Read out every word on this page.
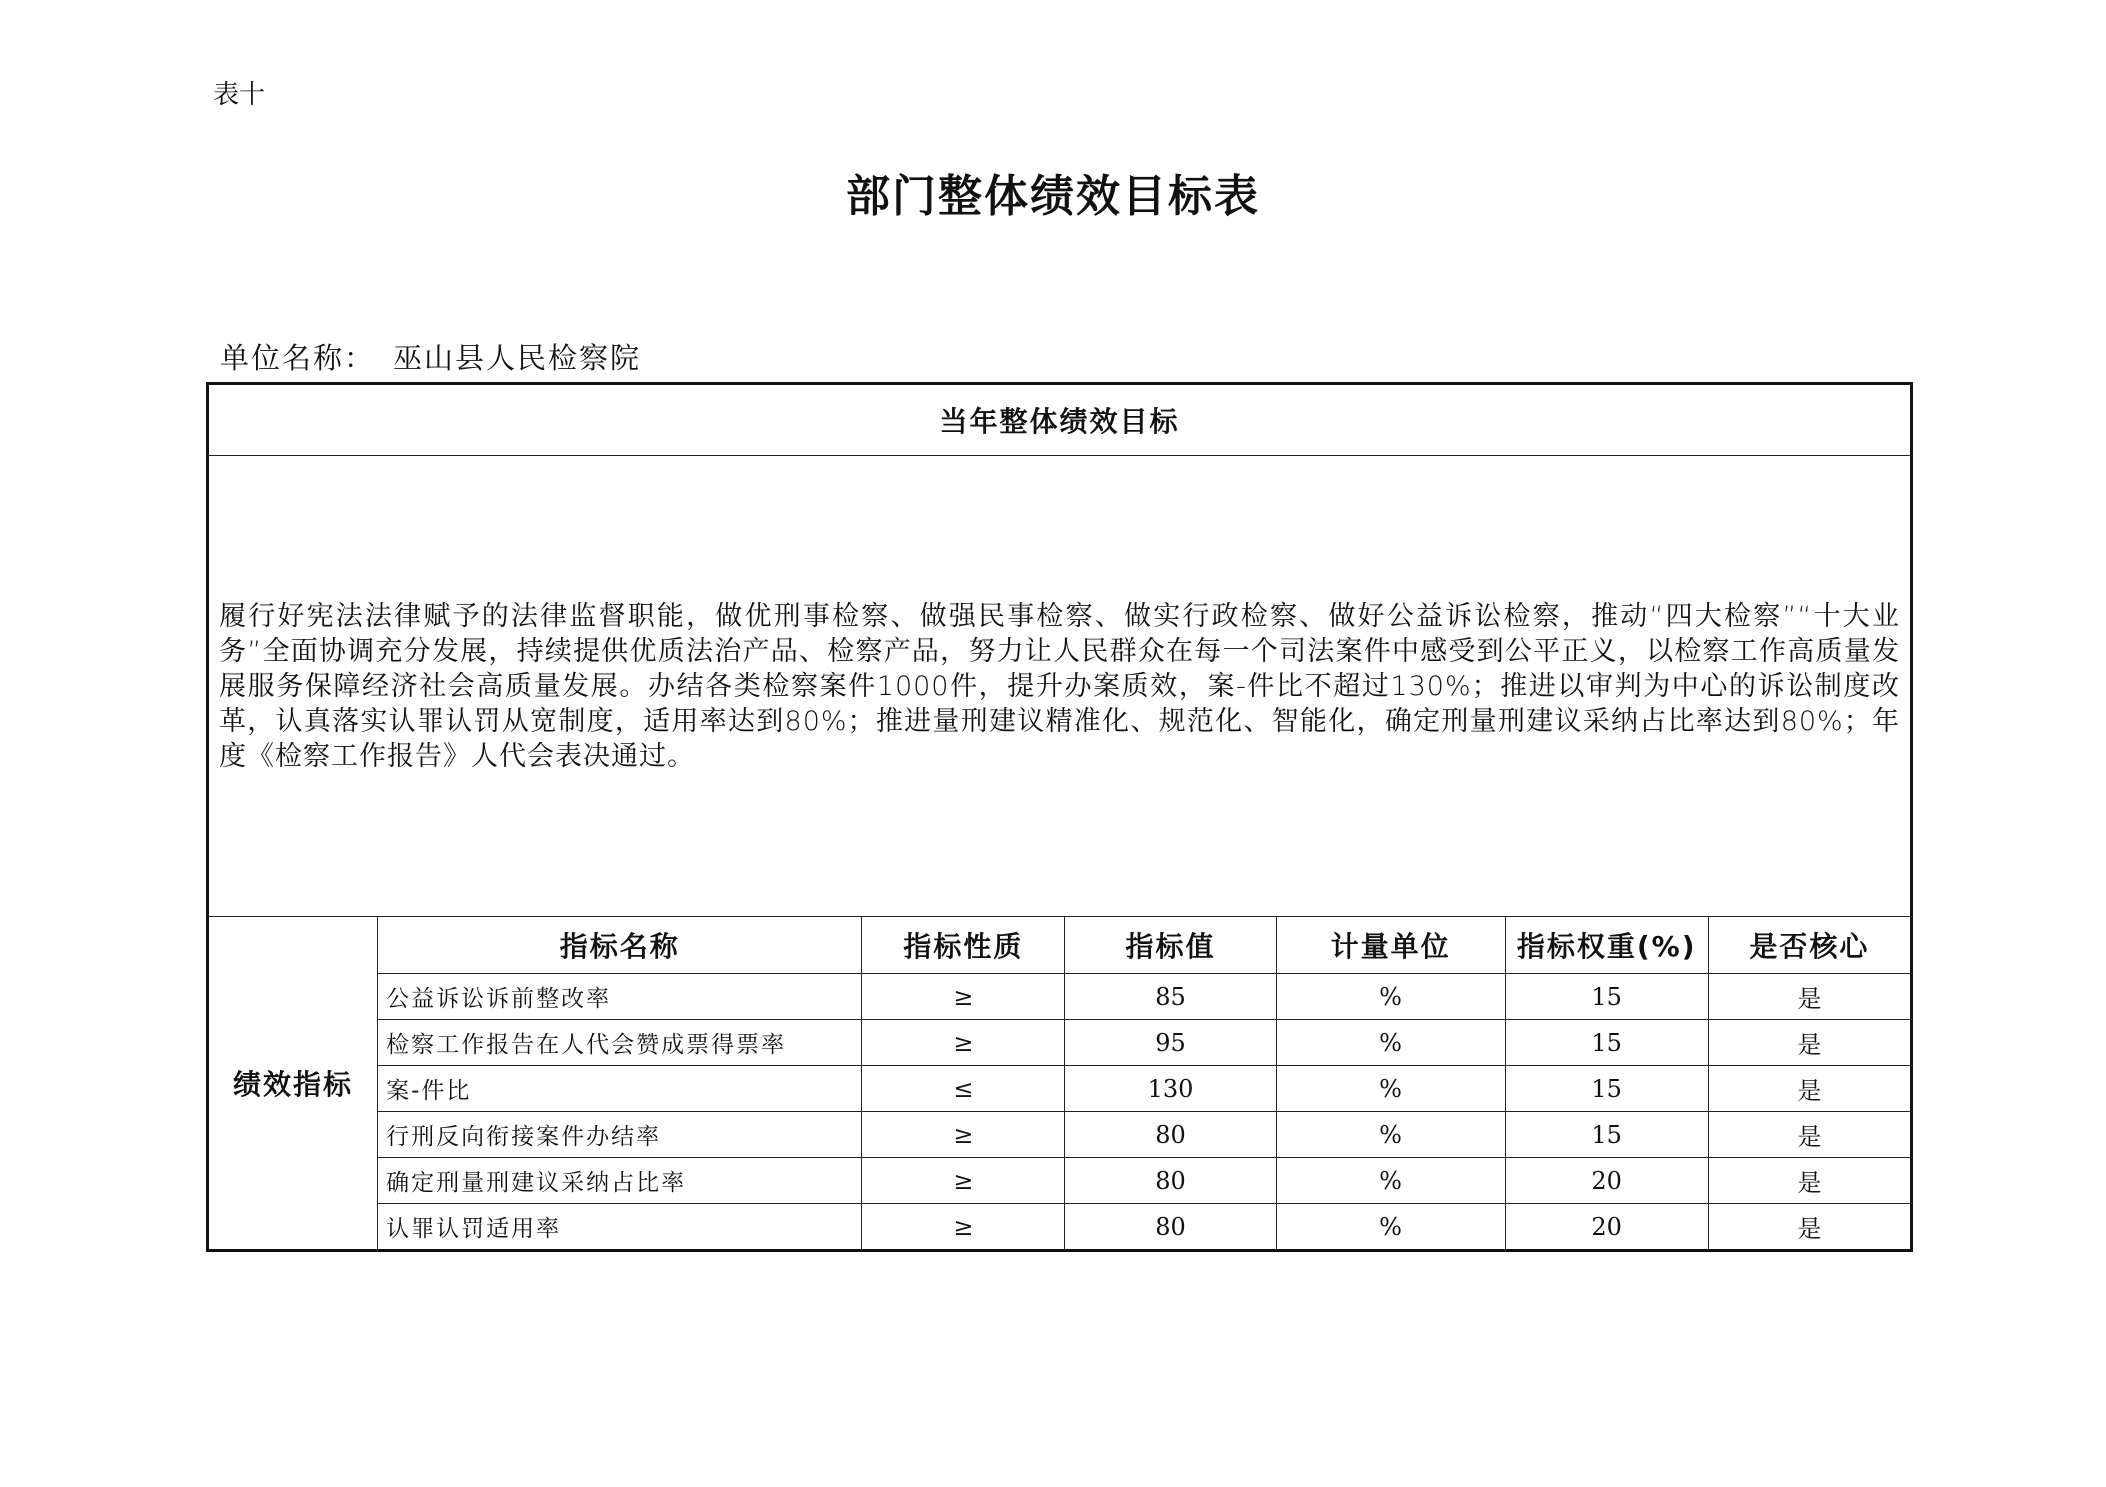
表十
部门整体绩效目标表
单位名称： 巫山县人民检察院
当年整体绩效目标						
履行好宪法法律赋予的法律监督职能，做优刑事检察、做强民事检察、做实行政检察、做好公益诉讼检察，推动“四大检察”“十大业务”全面协调充分发展，持续提供优质法治产品、检察产品，努力让人民群众在每一个司法案件中感受到公平正义，以检察工作高质量发展服务保障经济社会高质量发展。办结各类检察案件1000件，提升办案质效，案-件比不超过130%；推进以审判为中心的诉讼制度改革，认真落实认罪认罚从宽制度，适用率达到80%；推进量刑建议精准化、规范化、智能化，确定刑量刑建议采纳占比率达到80%；年度《检察工作报告》人代会表决通过。						
绩效指标	指标名称	指标性质	指标值	计量单位	指标权重(%)	是否核心
	公益诉讼诉前整改率	≥	85	%	15	是
	检察工作报告在人代会赞成票得票率	≥	95	%	15	是
	案-件比	≤	130	%	15	是
	行刑反向衔接案件办结率	≥	80	%	15	是
	确定刑量刑建议采纳占比率	≥	80	%	20	是
	认罪认罚适用率	≥	80	%	20	是
